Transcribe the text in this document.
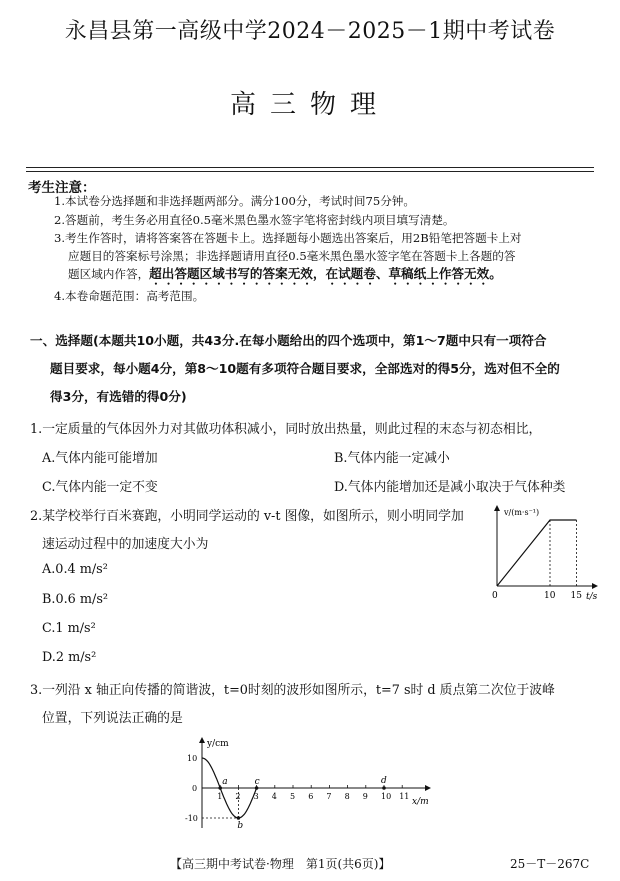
永昌县第一高级中学2024－2025－1期中考试卷
高三物理
考生注意：
1.本试卷分选择题和非选择题两部分。满分100分，考试时间75分钟。
2.答题前，考生务必用直径0.5毫米黑色墨水签字笔将密封线内项目填写清楚。
3.考生作答时，请将答案答在答题卡上。选择题每小题选出答案后，用2B铅笔把答题卡上对
应题目的答案标号涂黑；非选择题请用直径0.5毫米黑色墨水签字笔在答题卡上各题的答
题区域内作答，超出答题区域书写的答案无效，在试题卷、草稿纸上作答无效。
4.本卷命题范围：高考范围。
一、选择题(本题共10小题，共43分.在每小题给出的四个选项中，第1～7题中只有一项符合
题目要求，每小题4分，第8～10题有多项符合题目要求，全部选对的得5分，选对但不全的
得3分，有选错的得0分)
1.一定质量的气体因外力对其做功体积减小，同时放出热量，则此过程的末态与初态相比，
A.气体内能可能增加	B.气体内能一定减小
C.气体内能一定不变	D.气体内能增加还是减小取决于气体种类
2.某学校举行百米赛跑，小明同学运动的 v-t 图像，如图所示，则小明同学加
速运动过程中的加速度大小为
A.0.4 m/s²
B.0.6 m/s²
C.1 m/s²
D.2 m/s²
v/(m·s⁻¹)
t/s
0	10 15
3.一列沿 x 轴正向传播的简谐波，t=0时刻的波形如图所示，t=7 s时 d 质点第二次位于波峰
位置，下列说法正确的是
y/cm
x/m
1 2 3 4 5 6 7 8 9 10 11
10
0
-10
a
b
c	d
【高三期中考试卷·物理　第1页(共6页)】	25－T－267C
